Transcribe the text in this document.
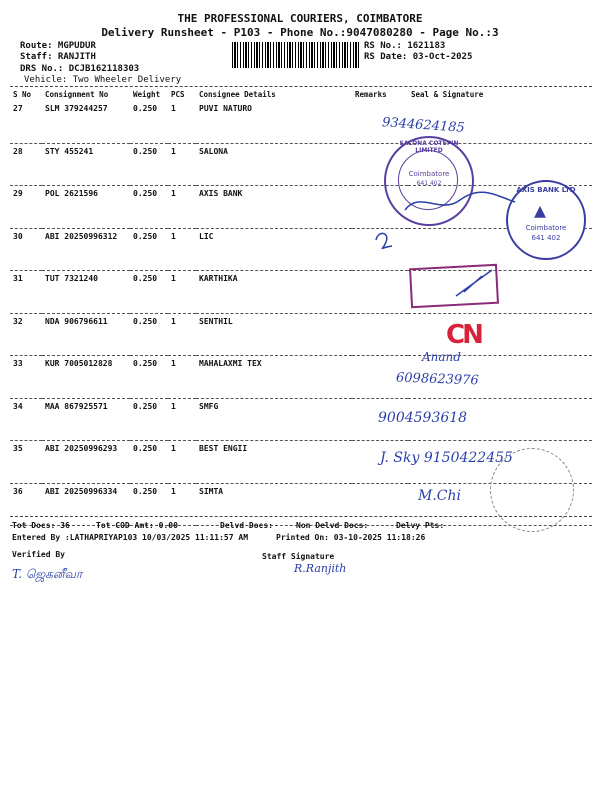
THE PROFESSIONAL COURIERS, COIMBATORE
Delivery Runsheet - P103 - Phone No.:9047080280 - Page No.:3
Route: MGPUDUR
Staff: RANJITH
DRS No.: DCJB162118303
Vehicle: Two Wheeler Delivery
RS No.: 1621183
RS Date: 03-Oct-2025
S No	Consignment No	Weight	PCS	Consignee Details	Remarks	Seal & Signature
27	SLM 379244257	0.250	1	PUVI NATURO		
28	STY 455241	0.250	1	SALONA		
29	POL 2621596	0.250	1	AXIS BANK		
30	ABI 20250996312	0.250	1	LIC		
31	TUT 7321240	0.250	1	KARTHIKA		
32	NDA 906796611	0.250	1	SENTHIL		
33	KUR 7005012828	0.250	1	MAHALAXMI TEX		
34	MAA 867925571	0.250	1	SMFG		
35	ABI 20250996293	0.250	1	BEST ENGII		
36	ABI 20250996334	0.250	1	SIMTA		
9344624185
SALONA COTSPIN LIMITED
Coimbatore
641 402
AXIS BANK LTD
▲
Coimbatore
641 402
CN
Anand
6098623976
9004593618
J. Sky 9150422455
M.Chi
Tot Docs: 36	Tot COD Amt: 0.00	Delvd Docs:	Non Delvd Docs:	Delvy Pts:
Entered By :LATHAPRIYAP103 10/03/2025 11:11:57 AM	Printed On: 03-10-2025 11:18:26
Verified By
T. ஜெகனீவா
Staff Signature
R.Ranjith
